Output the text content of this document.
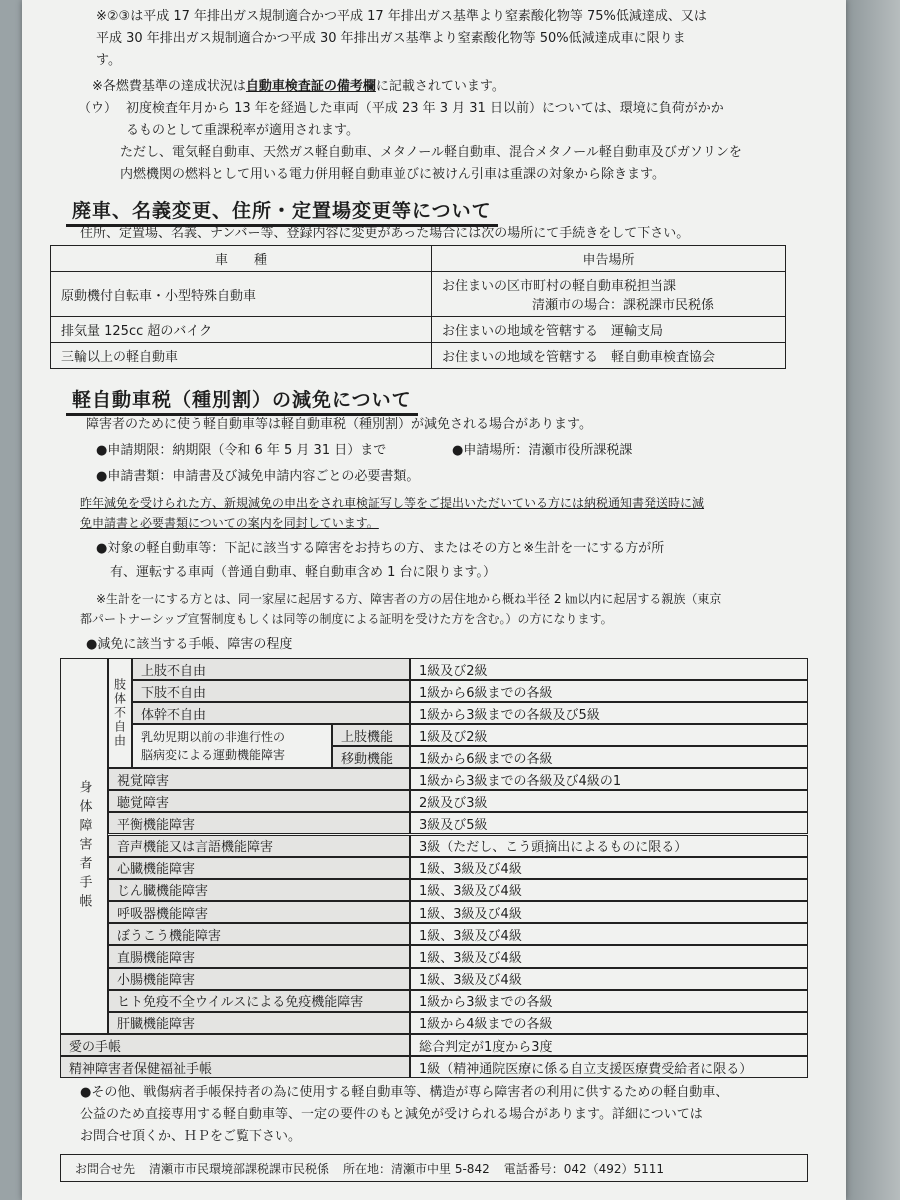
※②③は平成 17 年排出ガス規制適合かつ平成 17 年排出ガス基準より窒素酸化物等 75%低減達成、又は
平成 30 年排出ガス規制適合かつ平成 30 年排出ガス基準より窒素酸化物等 50%低減達成車に限りま
す。
※各燃費基準の達成状況は自動車検査証の備考欄に記載されています。
（ウ） 初度検査年月から 13 年を経過した車両（平成 23 年 3 月 31 日以前）については、環境に負荷がかか
るものとして重課税率が適用されます。
ただし、電気軽自動車、天然ガス軽自動車、メタノール軽自動車、混合メタノール軽自動車及びガソリンを
内燃機関の燃料として用いる電力併用軽自動車並びに被けん引車は重課の対象から除きます。
廃車、名義変更、住所・定置場変更等について
住所、定置場、名義、ナンバー等、登録内容に変更があった場合には次の場所にて手続きをして下さい。
車　　種	申告場所
原動機付自転車・小型特殊自動車	お住まいの区市町村の軽自動車税担当課
清瀬市の場合：課税課市民税係

排気量 125cc 超のバイク	お住まいの地域を管轄する　運輸支局
三輪以上の軽自動車	お住まいの地域を管轄する　軽自動車検査協会
軽自動車税（種別割）の減免について
障害者のために使う軽自動車等は軽自動車税（種別割）が減免される場合があります。
●申請期限：納期限（令和 6 年 5 月 31 日）まで	●申請場所：清瀬市役所課税課
●申請書類：申請書及び減免申請内容ごとの必要書類。
昨年減免を受けられた方、新規減免の申出をされ車検証写し等をご提出いただいている方には納税通知書発送時に減
免申請書と必要書類についての案内を同封しています。
●対象の軽自動車等：下記に該当する障害をお持ちの方、またはその方と※生計を一にする方が所
有、運転する車両（普通自動車、軽自動車含め 1 台に限ります。）
※生計を一にする方とは、同一家屋に起居する方、障害者の方の居住地から概ね半径 2 ㎞以内に起居する親族（東京
都パートナーシップ宣誓制度もしくは同等の制度による証明を受けた方を含む。）の方になります。
●減免に該当する手帳、障害の程度
身体障害者手帳
肢体不自由
上肢不自由	1級及び2級
下肢不自由	1級から6級までの各級
体幹不自由	1級から3級までの各級及び5級
乳幼児期以前の非進行性の
脳病変による運動機能障害
上肢機能	1級及び2級
移動機能	1級から6級までの各級
視覚障害	1級から3級までの各級及び4級の1
聴覚障害	2級及び3級
平衡機能障害	3級及び5級
音声機能又は言語機能障害	3級（ただし、こう頭摘出によるものに限る）
心臓機能障害	1級、3級及び4級
じん臓機能障害	1級、3級及び4級
呼吸器機能障害	1級、3級及び4級
ぼうこう機能障害	1級、3級及び4級
直腸機能障害	1級、3級及び4級
小腸機能障害	1級、3級及び4級
ヒト免疫不全ウイルスによる免疫機能障害	1級から3級までの各級
肝臓機能障害	1級から4級までの各級
愛の手帳	総合判定が1度から3度
精神障害者保健福祉手帳	1級（精神通院医療に係る自立支援医療費受給者に限る）
●その他、戦傷病者手帳保持者の為に使用する軽自動車等、構造が専ら障害者の利用に供するための軽自動車、
公益のため直接専用する軽自動車等、一定の要件のもと減免が受けられる場合があります。詳細については
お問合せ頂くか、ＨＰをご覧下さい。
お問合せ先 清瀬市市民環境部課税課市民税係 所在地：清瀬市中里 5-842 電話番号：042（492）5111
